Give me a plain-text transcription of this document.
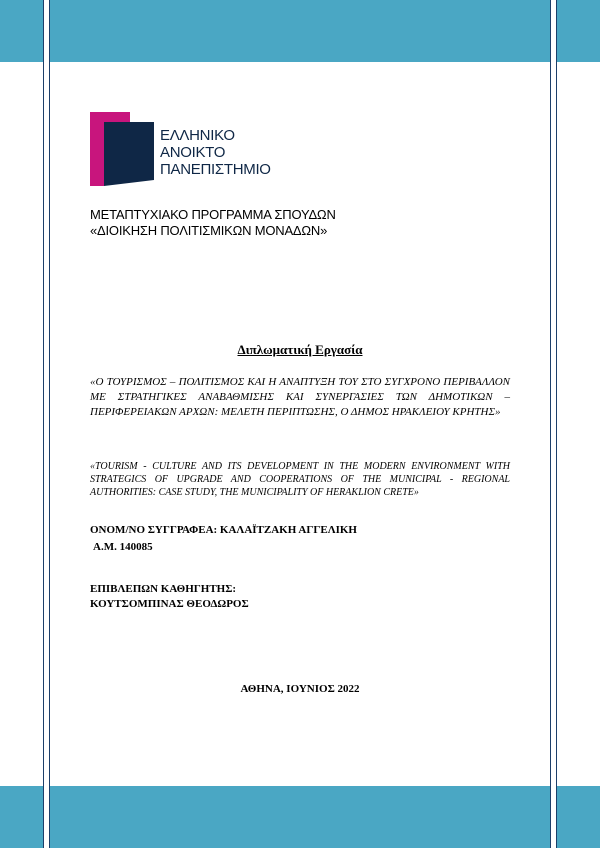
ΕΛΛΗΝΙΚΟ
ΑΝΟΙΚΤΟ
ΠΑΝΕΠΙΣΤΗΜΙΟ
ΜΕΤΑΠΤΥΧΙΑΚΟ ΠΡΟΓΡΑΜΜΑ ΣΠΟΥΔΩΝ
«ΔΙΟΙΚΗΣΗ ΠΟΛΙΤΙΣΜΙΚΩΝ ΜΟΝΑΔΩΝ»
Διπλωματική Εργασία
«Ο ΤΟΥΡΙΣΜΟΣ – ΠΟΛΙΤΙΣΜΟΣ ΚΑΙ Η ΑΝΑΠΤΥΞΗ ΤΟΥ ΣΤΟ ΣΥΓΧΡΟΝΟ ΠΕΡΙΒΑΛΛΟΝ ΜΕ ΣΤΡΑΤΗΓΙΚΕΣ ΑΝΑΒΑΘΜΙΣΗΣ ΚΑΙ ΣΥΝΕΡΓΑΣΙΕΣ ΤΩΝ ΔΗΜΟΤΙΚΩΝ – ΠΕΡΙΦΕΡΕΙΑΚΩΝ ΑΡΧΩΝ: ΜΕΛΕΤΗ ΠΕΡΙΠΤΩΣΗΣ, Ο ΔΗΜΟΣ ΗΡΑΚΛΕΙΟΥ ΚΡΗΤΗΣ»
«TOURISM - CULTURE AND ITS DEVELOPMENT IN THE MODERN ENVIRONMENT WITH STRATEGICS OF UPGRADE AND COOPERATIONS OF THE MUNICIPAL - REGIONAL AUTHORITIES: CASE STUDY, THE MUNICIPALITY OF HERAKLION CRETE»
ΟΝΟΜ/ΝΟ ΣΥΓΓΡΑΦΕΑ: ΚΑΛΑΪΤΖΑΚΗ ΑΓΓΕΛΙΚΗ
Α.Μ. 140085
ΕΠΙΒΛΕΠΩΝ ΚΑΘΗΓΗΤΗΣ:
ΚΟΥΤΣΟΜΠΙΝΑΣ ΘΕΟΔΩΡΟΣ
ΑΘΗΝΑ, ΙΟΥΝΙΟΣ 2022
